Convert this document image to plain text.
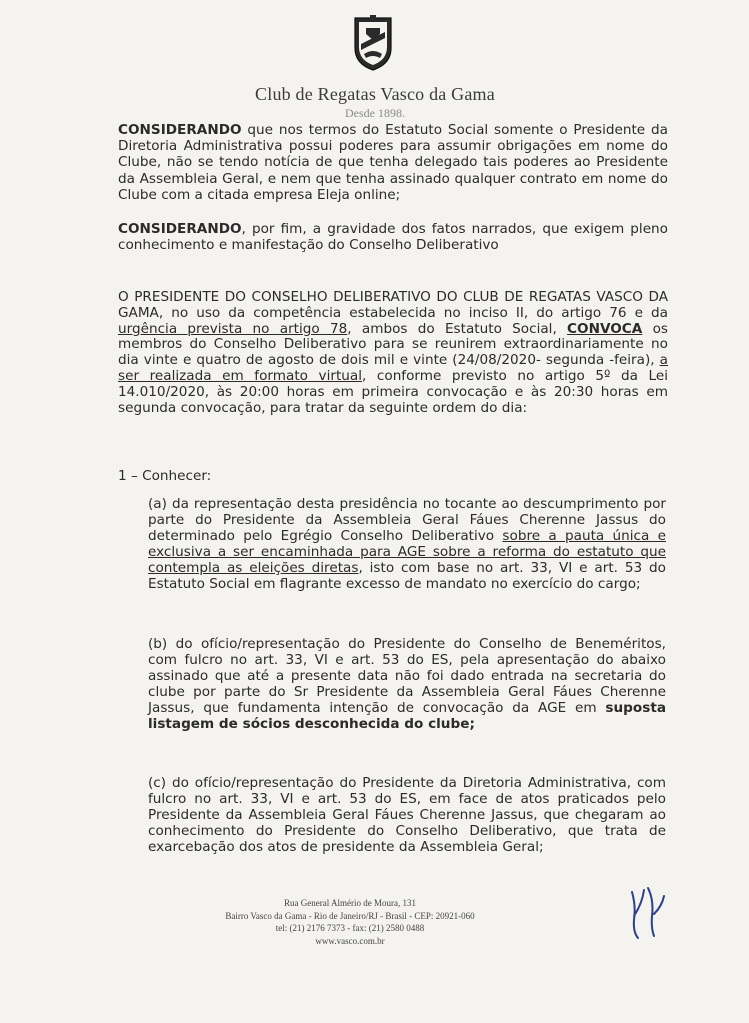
Club de Regatas Vasco da Gama
Desde 1898.
CONSIDERANDO que nos termos do Estatuto Social somente o Presidente da Diretoria Administrativa possui poderes para assumir obrigações em nome do Clube, não se tendo notícia de que tenha delegado tais poderes ao Presidente da Assembleia Geral, e nem que tenha assinado qualquer contrato em nome do Clube com a citada empresa Eleja online;
CONSIDERANDO, por fim, a gravidade dos fatos narrados, que exigem pleno conhecimento e manifestação do Conselho Deliberativo
O PRESIDENTE DO CONSELHO DELIBERATIVO DO CLUB DE REGATAS VASCO DA GAMA, no uso da competência estabelecida no inciso II, do artigo 76 e da urgência prevista no artigo 78, ambos do Estatuto Social, CONVOCA os membros do Conselho Deliberativo para se reunirem extraordinariamente no dia vinte e quatro de agosto de dois mil e vinte (24/08/2020- segunda -feira), a ser realizada em formato virtual, conforme previsto no artigo 5º da Lei 14.010/2020, às 20:00 horas em primeira convocação e às 20:30 horas em segunda convocação, para tratar da seguinte ordem do dia:
1 – Conhecer:
(a) da representação desta presidência no tocante ao descumprimento por parte do Presidente da Assembleia Geral Fáues Cherenne Jassus do determinado pelo Egrégio Conselho Deliberativo sobre a pauta única e exclusiva a ser encaminhada para AGE sobre a reforma do estatuto que contempla as eleições diretas, isto com base no art. 33, VI e art. 53 do Estatuto Social em flagrante excesso de mandato no exercício do cargo;
(b) do ofício/representação do Presidente do Conselho de Beneméritos, com fulcro no art. 33, VI e art. 53 do ES, pela apresentação do abaixo assinado que até a presente data não foi dado entrada na secretaria do clube por parte do Sr Presidente da Assembleia Geral Fáues Cherenne Jassus, que fundamenta intenção de convocação da AGE em suposta listagem de sócios desconhecida do clube;
(c) do ofício/representação do Presidente da Diretoria Administrativa, com fulcro no art. 33, VI e art. 53 do ES, em face de atos praticados pelo Presidente da Assembleia Geral Fáues Cherenne Jassus, que chegaram ao conhecimento do Presidente do Conselho Deliberativo, que trata de exarcebação dos atos de presidente da Assembleia Geral;
Rua General Almério de Moura, 131
Bairro Vasco da Gama - Rio de Janeiro/RJ - Brasil - CEP: 20921-060
tel: (21) 2176 7373 - fax: (21) 2580 0488
www.vasco.com.br
